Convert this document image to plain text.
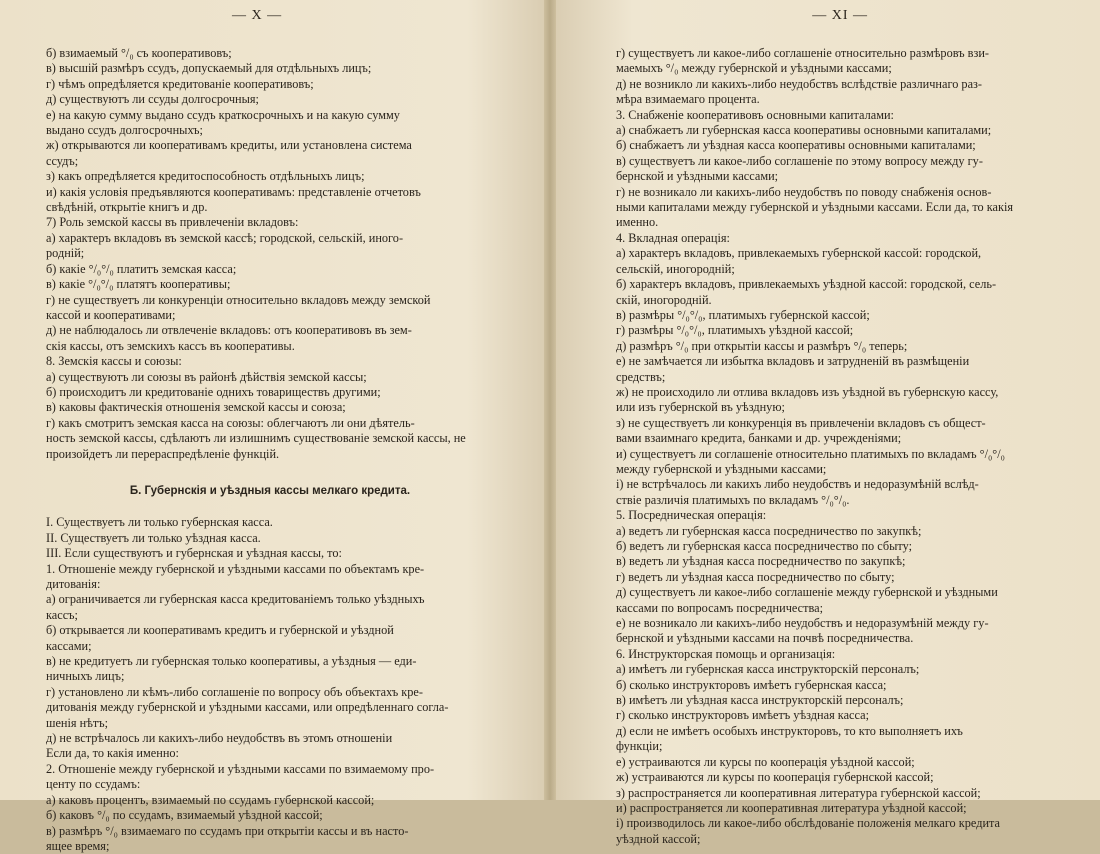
— X —
б) взимаемый °/₀ съ кооперативовъ;
в) высшій размѣръ ссудъ, допускаемый для отдѣльныхъ лицъ;
г) чѣмъ опредѣляется кредитованіе кооперативовъ;
д) существуютъ ли ссуды долгосрочныя;
е) на какую сумму выдано ссудъ краткосрочныхъ и на какую сумму
выдано ссудъ долгосрочныхъ;
ж) открываются ли кооперативамъ кредиты, или установлена система
ссудъ;
з) какъ опредѣляется кредитоспособность отдѣльныхъ лицъ;
и) какія условія предъявляются кооперативамъ: представленіе отчетовъ
свѣдѣній, открытіе книгъ и др.
7) Роль земской кассы въ привлеченіи вкладовъ:
а) характеръ вкладовъ въ земской кассѣ; городской, сельскій, иного-
родній;
б) какіе °/₀°/₀ платитъ земская касса;
в) какіе °/₀°/₀ платятъ кооперативы;
г) не существуетъ ли конкуренціи относительно вкладовъ между земской
кассой и кооперативами;
д) не наблюдалось ли отвлеченіе вкладовъ: отъ кооперативовъ въ зем-
скія кассы, отъ земскихъ кассъ въ кооперативы.
8. Земскія кассы и союзы:
а) существуютъ ли союзы въ районѣ дѣйствія земской кассы;
б) происходитъ ли кредитованіе однихъ товариществъ другими;
в) каковы фактическія отношенія земской кассы и союза;
г) какъ смотритъ земская касса на союзы: облегчаютъ ли они дѣятель-
ность земской кассы, сдѣлаютъ ли излишнимъ существованіе земской кассы, не
произойдетъ ли перераспредѣленіе функцій.
Б. Губернскія и уѣздныя кассы мелкаго кредита.
I. Существуетъ ли только губернская касса.
II. Существуетъ ли только уѣздная касса.
III. Если существуютъ и губернская и уѣздная кассы, то:
1. Отношеніе между губернской и уѣздными кассами по объектамъ кре-
дитованія:
а) ограничивается ли губернская касса кредитованіемъ только уѣздныхъ
кассъ;
б) открывается ли кооперативамъ кредитъ и губернской и уѣздной
кассами;
в) не кредитуетъ ли губернская только кооперативы, а уѣздныя — еди-
ничныхъ лицъ;
г) установлено ли кѣмъ-либо соглашеніе по вопросу объ объектахъ кре-
дитованія между губернской и уѣздными кассами, или опредѣленнаго согла-
шенія нѣтъ;
д) не встрѣчалось ли какихъ-либо неудобствъ въ этомъ отношеніи
Если да, то какія именно:
2. Отношеніе между губернской и уѣздными кассами по взимаемому про-
центу по ссудамъ:
а) каковъ процентъ, взимаемый по ссудамъ губернской кассой;
б) каковъ °/₀ по ссудамъ, взимаемый уѣздной кассой;
в) размѣръ °/₀ взимаемаго по ссудамъ при открытіи кассы и въ насто-
ящее время;
— XI —
г) существуетъ ли какое-либо соглашеніе относительно размѣровъ взи-
маемыхъ °/₀ между губернской и уѣздными кассами;
д) не возникло ли какихъ-либо неудобствъ вслѣдствіе различнаго раз-
мѣра взимаемаго процента.
3. Снабженіе кооперативовъ основными капиталами:
а) снабжаетъ ли губернская касса кооперативы основными капиталами;
б) снабжаетъ ли уѣздная касса кооперативы основными капиталами;
в) существуетъ ли какое-либо соглашеніе по этому вопросу между гу-
бернской и уѣздными кассами;
г) не возникало ли какихъ-либо неудобствъ по поводу снабженія основ-
ными капиталами между губернской и уѣздными кассами. Если да, то какія
именно.
4. Вкладная операція:
а) характеръ вкладовъ, привлекаемыхъ губернской кассой: городской,
сельскій, иногородній;
б) характеръ вкладовъ, привлекаемыхъ уѣздной кассой: городской, сель-
скій, иногородній.
в) размѣры °/₀°/₀, платимыхъ губернской кассой;
г) размѣры °/₀°/₀, платимыхъ уѣздной кассой;
д) размѣръ °/₀ при открытіи кассы и размѣръ °/₀ теперь;
е) не замѣчается ли избытка вкладовъ и затрудненій въ размѣщеніи
средствъ;
ж) не происходило ли отлива вкладовъ изъ уѣздной въ губернскую кассу,
или изъ губернской въ уѣздную;
з) не существуетъ ли конкуренція въ привлеченіи вкладовъ съ общест-
вами взаимнаго кредита, банками и др. учрежденіями;
и) существуетъ ли соглашеніе относительно платимыхъ по вкладамъ °/₀°/₀
между губернской и уѣздными кассами;
і) не встрѣчалось ли какихъ либо неудобствъ и недоразумѣній вслѣд-
ствіе различія платимыхъ по вкладамъ °/₀°/₀.
5. Посредническая операція:
а) ведетъ ли губернская касса посредничество по закупкѣ;
б) ведетъ ли губернская касса посредничество по сбыту;
в) ведетъ ли уѣздная касса посредничество по закупкѣ;
г) ведетъ ли уѣздная касса посредничество по сбыту;
д) существуетъ ли какое-либо соглашеніе между губернской и уѣздными
кассами по вопросамъ посредничества;
е) не возникало ли какихъ-либо неудобствъ и недоразумѣній между гу-
бернской и уѣздными кассами на почвѣ посредничества.
6. Инструкторская помощь и организація:
а) имѣетъ ли губернская касса инструкторскій персоналъ;
б) сколько инструкторовъ имѣетъ губернская касса;
в) имѣетъ ли уѣздная касса инструкторскій персоналъ;
г) сколько инструкторовъ имѣетъ уѣздная касса;
д) если не имѣетъ особыхъ инструкторовъ, то кто выполняетъ ихъ
функціи;
е) устраиваются ли курсы по кооперація уѣздной кассой;
ж) устраиваются ли курсы по кооперація губернской кассой;
з) распространяется ли кооперативная литература губернской кассой;
и) распространяется ли кооперативная литература уѣздной кассой;
і) производилось ли какое-либо обслѣдованіе положенія мелкаго кредита
уѣздной кассой;
